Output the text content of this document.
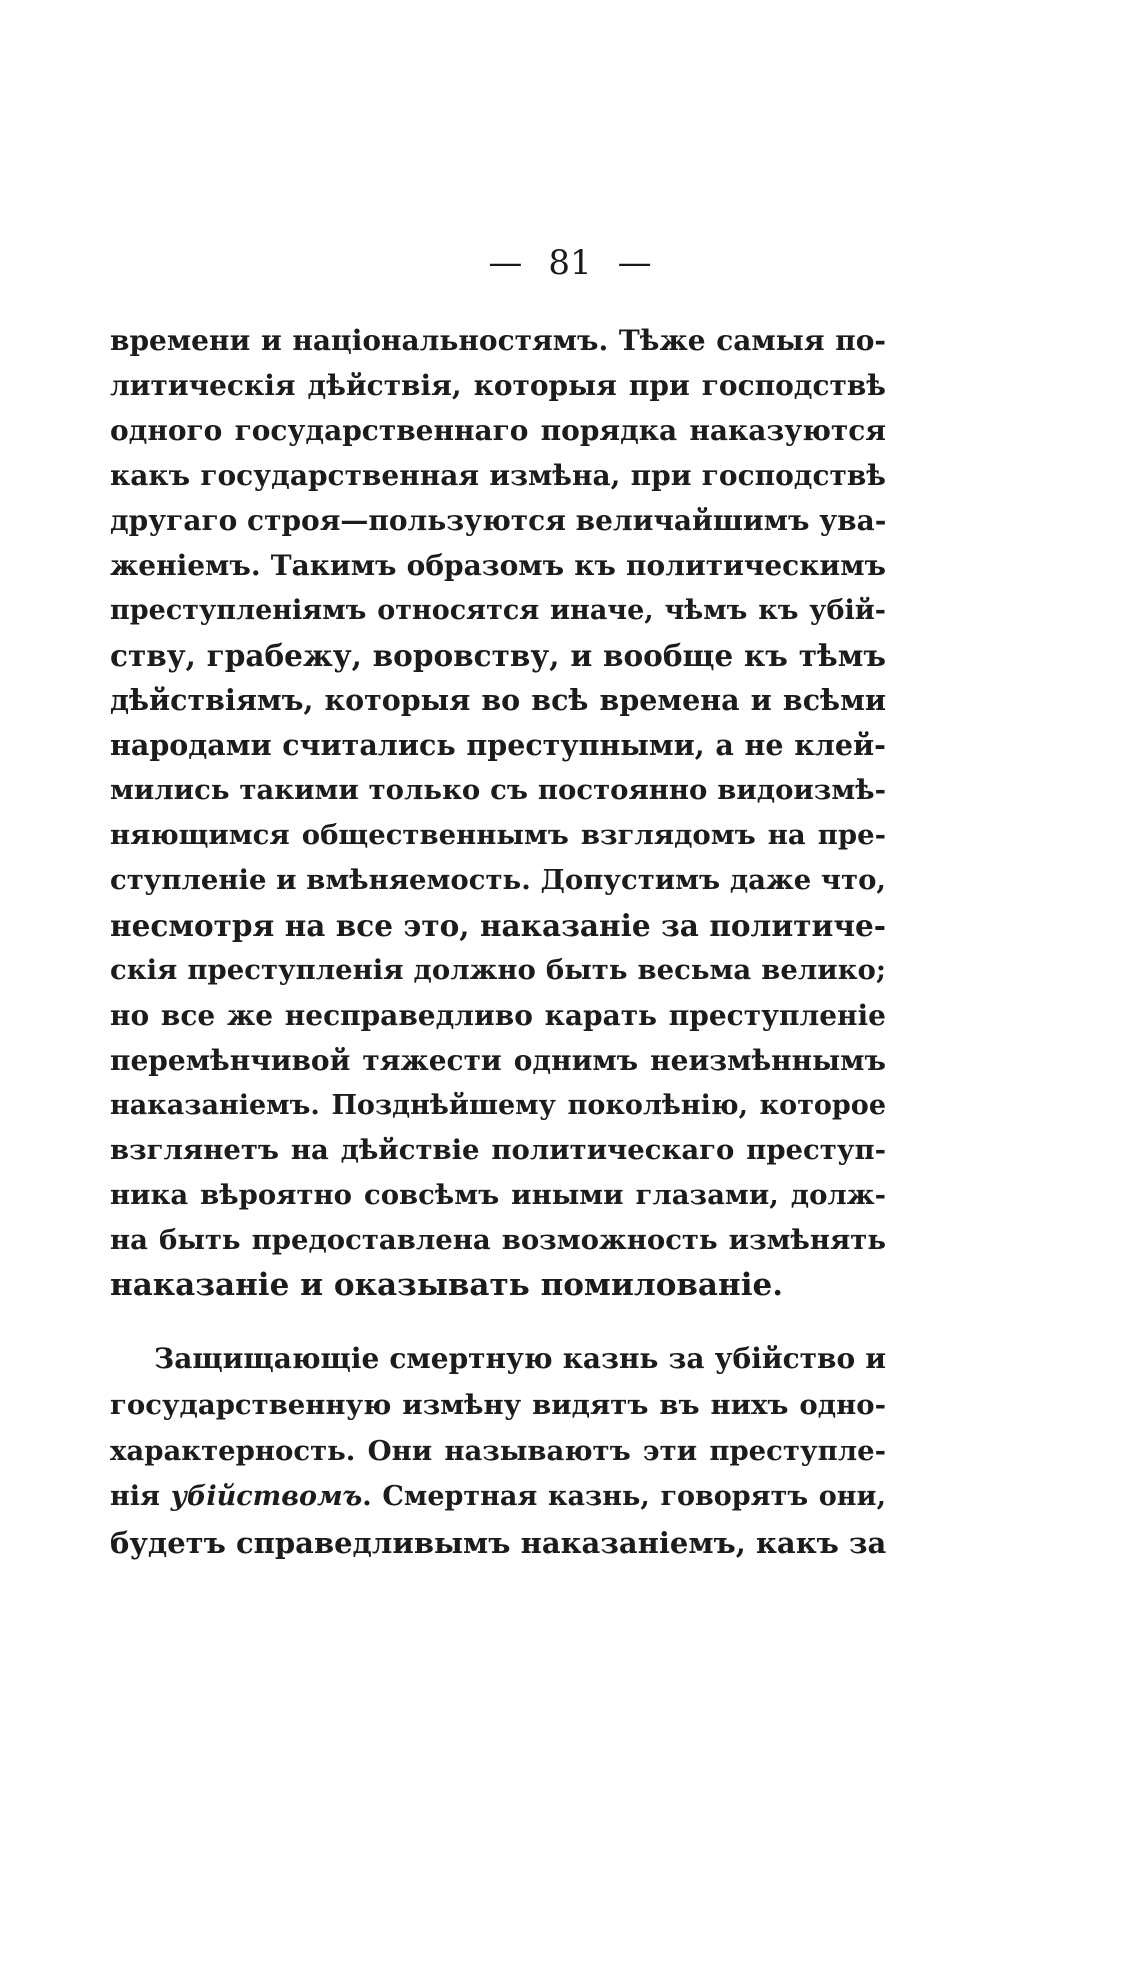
— 81 —
времени и національностямъ. Тѣже самыя по-
литическія дѣйствія, которыя при господствѣ
одного государственнаго порядка наказуются
какъ государственная измѣна, при господствѣ
другаго строя—пользуются величайшимъ ува-
женіемъ. Такимъ образомъ къ политическимъ
преступленіямъ относятся иначе, чѣмъ къ убій-
ству, грабежу, воровству, и вообще къ тѣмъ
дѣйствіямъ, которыя во всѣ времена и всѣми
народами считались преступными, а не клей-
мились такими только съ постоянно видоизмѣ-
няющимся общественнымъ взглядомъ на пре-
ступленіе и вмѣняемость. Допустимъ даже что,
несмотря на все это, наказаніе за политиче-
скія преступленія должно быть весьма велико;
но все же несправедливо карать преступленіе
перемѣнчивой тяжести однимъ неизмѣннымъ
наказаніемъ. Позднѣйшему поколѣнію, которое
взглянетъ на дѣйствіе политическаго преступ-
ника вѣроятно совсѣмъ иными глазами, долж-
на быть предоставлена возможность измѣнять
наказаніе и оказывать помилованіе.
Защищающіе смертную казнь за убійство и
государственную измѣну видятъ въ нихъ одно-
характерность. Они называютъ эти преступле-
нія убійствомъ. Смертная казнь, говорятъ они,
будетъ справедливымъ наказаніемъ, какъ за
